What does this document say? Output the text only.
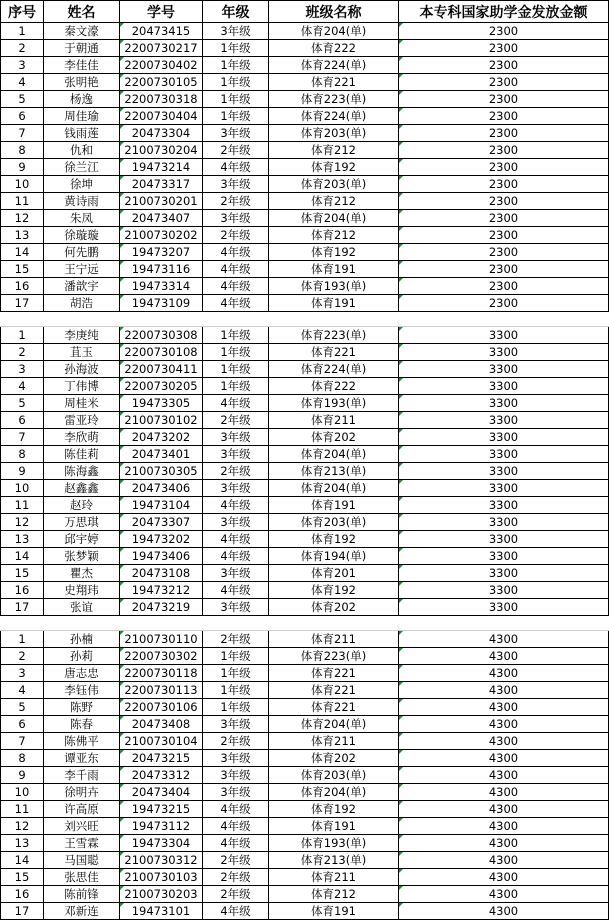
序号	姓名	学号	年级	班级名称	本专科国家助学金发放金额
1	秦文濠	20473415	3年级	体育204(单)	2300
2	于朝通	2200730217	1年级	体育222	2300
3	李佳佳	2200730402	1年级	体育224(单)	2300
4	张明艳	2200730105	1年级	体育221	2300
5	杨逸	2200730318	1年级	体育223(单)	2300
6	周佳瑜	2200730404	1年级	体育224(单)	2300
7	钱雨莲	20473304	3年级	体育203(单)	2300
8	仇和	2100730204	2年级	体育212	2300
9	徐兰江	19473214	4年级	体育192	2300
10	徐坤	20473317	3年级	体育203(单)	2300
11	黄诗雨	2100730201	2年级	体育212	2300
12	朱凤	20473407	3年级	体育204(单)	2300
13	徐璇璇	2100730202	2年级	体育212	2300
14	何先鹏	19473207	4年级	体育192	2300
15	王宁远	19473116	4年级	体育191	2300
16	潘歆宇	19473314	4年级	体育193(单)	2300
17	胡浩	19473109	4年级	体育191	2300

1	李庚纯	2200730308	1年级	体育223(单)	3300
2	苴玉	2200730108	1年级	体育221	3300
3	孙海波	2200730411	1年级	体育224(单)	3300
4	丁伟博	2200730205	1年级	体育222	3300
5	周桂米	19473305	4年级	体育193(单)	3300
6	雷亚玲	2100730102	2年级	体育211	3300
7	李欣萌	20473202	3年级	体育202	3300
8	陈佳莉	20473401	3年级	体育204(单)	3300
9	陈海鑫	2100730305	2年级	体育213(单)	3300
10	赵鑫鑫	20473406	3年级	体育204(单)	3300
11	赵玲	19473104	4年级	体育191	3300
12	万思琪	20473307	3年级	体育203(单)	3300
13	邱宇婷	19473202	4年级	体育192	3300
14	张梦颖	19473406	4年级	体育194(单)	3300
15	瞿杰	20473108	3年级	体育201	3300
16	史翔玮	19473212	4年级	体育192	3300
17	张谊	20473219	3年级	体育202	3300

1	孙楠	2100730110	2年级	体育211	4300
2	孙莉	2200730302	1年级	体育223(单)	4300
3	唐志忠	2200730118	1年级	体育221	4300
4	李钰伟	2200730113	1年级	体育221	4300
5	陈野	2200730106	1年级	体育221	4300
6	陈春	20473408	3年级	体育204(单)	4300
7	陈佛平	2100730104	2年级	体育211	4300
8	谭亚东	20473215	3年级	体育202	4300
9	李千雨	20473312	3年级	体育203(单)	4300
10	徐明卉	20473404	3年级	体育204(单)	4300
11	许高原	19473215	4年级	体育192	4300
12	刘兴旺	19473112	4年级	体育191	4300
13	王雪霖	19473304	4年级	体育193(单)	4300
14	马国聪	2100730312	2年级	体育213(单)	4300
15	张思佳	2100730103	2年级	体育211	4300
16	陈前锋	2100730203	2年级	体育212	4300
17	邓新连	19473101	4年级	体育191	4300
